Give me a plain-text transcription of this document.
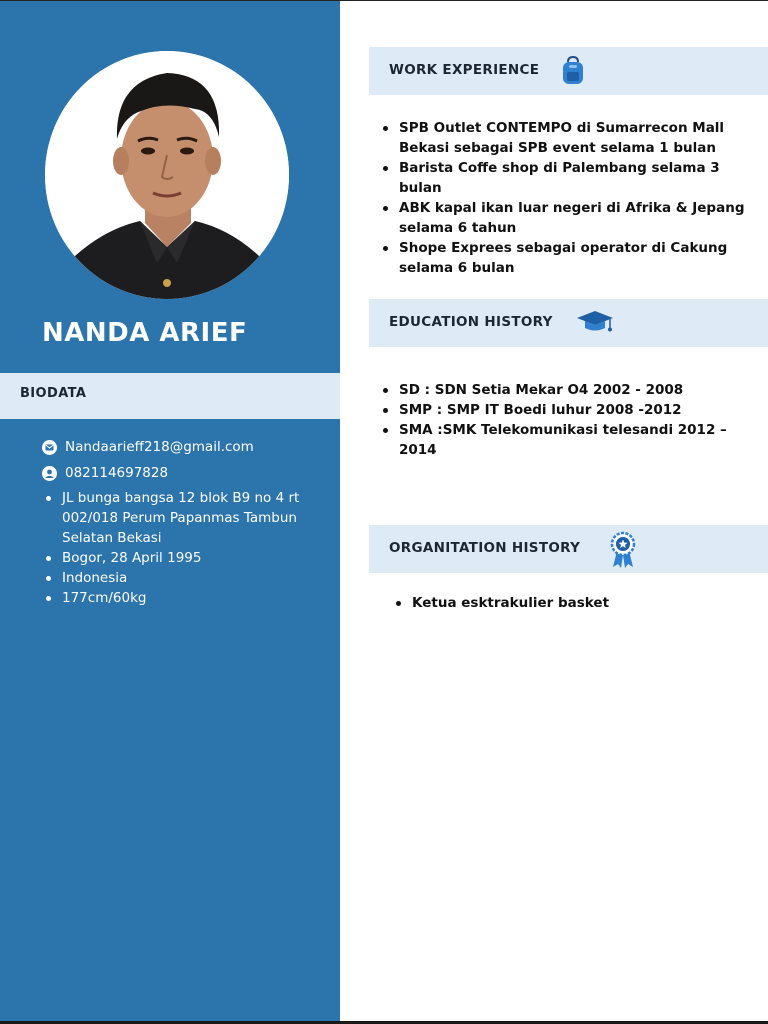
NANDA ARIEF
BIODATA
Nandaarieff218@gmail.com
082114697828
JL bunga bangsa 12 blok B9 no 4 rt 002/018 Perum Papanmas Tambun Selatan Bekasi
Bogor, 28 April 1995
Indonesia
177cm/60kg
WORK EXPERIENCE
SPB Outlet CONTEMPO di Sumarrecon Mall Bekasi sebagai SPB event selama 1 bulan
Barista Coffe shop di Palembang selama 3 bulan
ABK kapal ikan luar negeri di Afrika & Jepang selama 6 tahun
Shope Exprees sebagai operator di Cakung selama 6 bulan
EDUCATION HISTORY
SD : SDN Setia Mekar O4 2002 - 2008
SMP : SMP IT Boedi luhur 2008 -2012
SMA :SMK Telekomunikasi telesandi 2012 – 2014
ORGANITATION HISTORY
Ketua esktrakulier basket
